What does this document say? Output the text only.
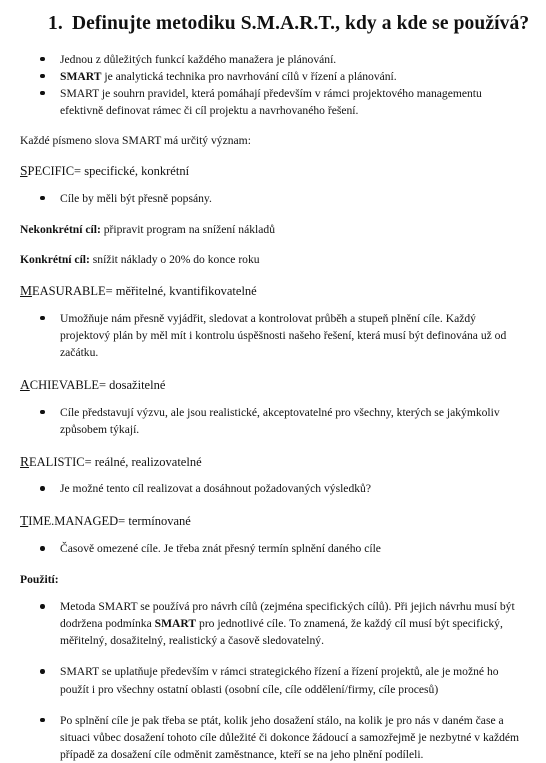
1. Definujte metodiku S.M.A.R.T., kdy a kde se používá?
Jednou z důležitých funkcí každého manažera je plánování.
SMART je analytická technika pro navrhování cílů v řízení a plánování.
SMART je souhrn pravidel, která pomáhají především v rámci projektového managementu efektivně definovat rámec či cíl projektu a navrhovaného řešení.

Každé písmeno slova SMART má určitý význam:

SPECIFIC= specifické, konkrétní

Cíle by měli být přesně popsány.

Nekonkrétní cíl: připravit program na snížení nákladů

Konkrétní cíl: snížit náklady o 20% do konce roku

MEASURABLE= měřitelné, kvantifikovatelné

Umožňuje nám přesně vyjádřit, sledovat a kontrolovat průběh a stupeň plnění cíle. Každý projektový plán by měl mít i kontrolu úspěšnosti našeho řešení, která musí být definována už od začátku.

ACHIEVABLE= dosažitelné

Cíle představují výzvu, ale jsou realistické, akceptovatelné pro všechny, kterých se jakýmkoliv způsobem týkají.

REALISTIC= reálné, realizovatelné

Je možné tento cíl realizovat a dosáhnout požadovaných výsledků?

TIME.MANAGED= termínované

Časově omezené cíle. Je třeba znát přesný termín splnění daného cíle

Použití:

Metoda SMART se používá pro návrh cílů (zejména specifických cílů). Při jejich návrhu musí být dodržena podmínka SMART pro jednotlivé cíle. To znamená, že každý cíl musí být specifický, měřitelný, dosažitelný, realistický a časově sledovatelný.
SMART se uplatňuje především v rámci strategického řízení a řízení projektů, ale je možné ho použít i pro všechny ostatní oblasti (osobní cíle, cíle oddělení/firmy, cíle procesů)
Po splnění cíle je pak třeba se ptát, kolik jeho dosažení stálo, na kolik je pro nás v daném čase a situaci vůbec dosažení tohoto cíle důležité či dokonce žádoucí a samozřejmě je nezbytné v každém případě za dosažení cíle odměnit zaměstnance, kteří se na jeho plnění podíleli.
